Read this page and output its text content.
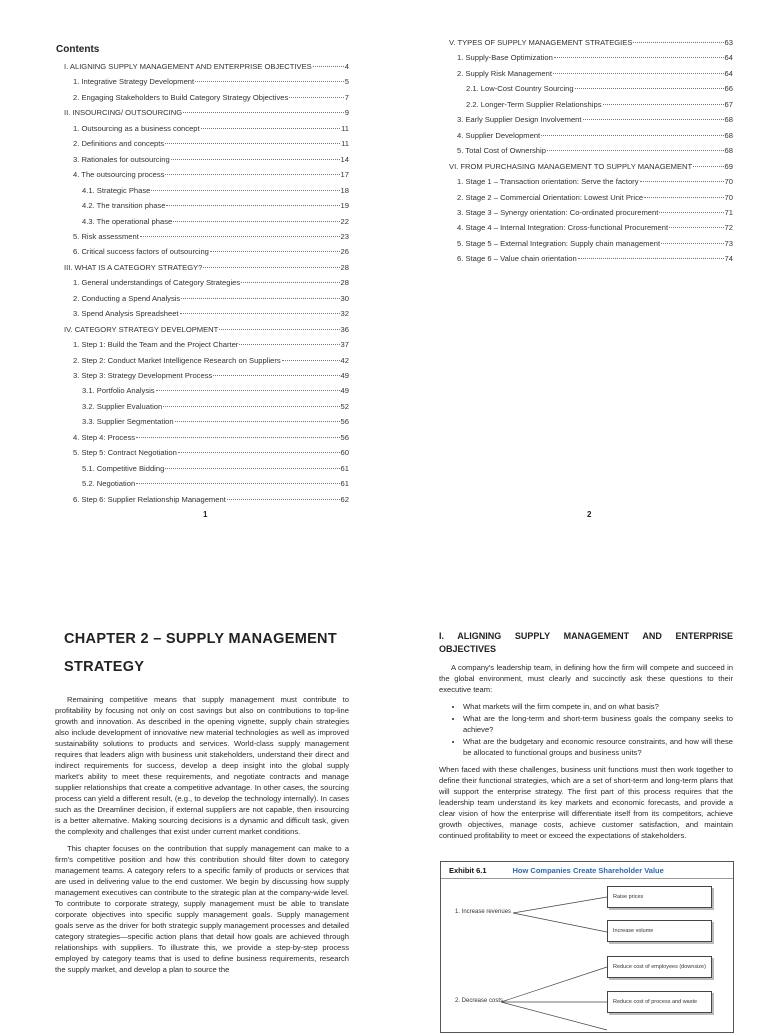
Contents
I. ALIGNING SUPPLY MANAGEMENT AND ENTERPRISE OBJECTIVES	4
1. Integrative Strategy Development	5
2. Engaging Stakeholders to Build Category Strategy Objectives	7
II. INSOURCING/ OUTSOURCING	9
1. Outsourcing as a business concept	11
2. Definitions and concepts	11
3. Rationales for outsourcing	14
4. The outsourcing process	17
4.1. Strategic Phase	18
4.2. The transition phase	19
4.3. The operational phase	22
5. Risk assessment	23
6. Critical success factors of outsourcing	26
III. WHAT IS A CATEGORY STRATEGY?	28
1. General understandings of Category Strategies	28
2. Conducting a Spend Analysis	30
3. Spend Analysis Spreadsheet	32
IV. CATEGORY STRATEGY DEVELOPMENT	36
1. Step 1: Build the Team and the Project Charter	37
2. Step 2: Conduct Market Intelligence Research on Suppliers	42
3. Step 3: Strategy Development Process	49
3.1. Portfolio Analysis	49
3.2. Supplier Evaluation	52
3.3. Supplier Segmentation	56
4. Step 4: Process	56
5. Step 5: Contract Negotiation	60
5.1. Competitive Bidding	61
5.2. Negotiation	61
6. Step 6: Supplier Relationship Management	62
1
V. TYPES OF SUPPLY MANAGEMENT STRATEGIES	63
1. Supply-Base Optimization	64
2. Supply Risk Management	64
2.1. Low-Cost Country Sourcing	66
2.2. Longer-Term Supplier Relationships	67
3. Early Supplier Design Involvement	68
4. Supplier Development	68
5. Total Cost of Ownership	68
VI. FROM PURCHASING MANAGEMENT TO SUPPLY MANAGEMENT	69
1. Stage 1 – Transaction orientation: Serve the factory	70
2. Stage 2 – Commercial Orientation: Lowest Unit Price	70
3. Stage 3 – Synergy orientation: Co-ordinated procurement	71
4. Stage 4 – Internal Integration: Cross-functional Procurement	72
5. Stage 5 – External Integration: Supply chain management	73
6. Stage 6 – Value chain orientation	74
2
CHAPTER 2 – SUPPLY MANAGEMENT
STRATEGY

Remaining competitive means that supply management must contribute to profitability by focusing not only on cost savings but also on contributions to top-line growth and innovation. As described in the opening vignette, supply chain strategies also include development of innovative new material technologies as well as improved sustainability solutions to products and services. World-class supply management requires that leaders align with business unit stakeholders, understand their direct and indirect requirements for success, develop a deep insight into the global supply market's ability to meet these requirements, and negotiate contracts and manage supplier relationships that create a competitive advantage. In other cases, the sourcing process can yield a different result, (e.g., to develop the technology internally). In cases such as the Dreamliner decision, if external suppliers are not capable, then insourcing is a better alternative. Making sourcing decisions is a dynamic and difficult task, given the complexity and challenges that exist under current market conditions.

This chapter focuses on the contribution that supply management can make to a firm's competitive position and how this contribution should filter down to category management teams. A category refers to a specific family of products or services that are used in delivering value to the end customer. We begin by discussing how supply management executives can contribute to the strategic plan at the company-wide level. To contribute to corporate strategy, supply management must be able to translate corporate objectives into specific supply management goals. Supply management goals serve as the driver for both strategic supply management processes and detailed category strategies—specific action plans that detail how goals are achieved through relationships with suppliers. To illustrate this, we provide a step-by-step process employed by category teams that is used to define business requirements, research the supply market, and develop a plan to source the

I. ALIGNING SUPPLY MANAGEMENT AND ENTERPRISE OBJECTIVES

A company's leadership team, in defining how the firm will compete and succeed in the global environment, must clearly and succinctly ask these questions to their executive team:

• What markets will the firm compete in, and on what basis?
• What are the long-term and short-term business goals the company seeks to achieve?
• What are the budgetary and economic resource constraints, and how will these be allocated to functional groups and business units?

When faced with these challenges, business unit functions must then work together to define their functional strategies, which are a set of short-term and long-term plans that will support the enterprise strategy. The first part of this process requires that the leadership team understand its key markets and economic forecasts, and provide a clear vision of how the enterprise will differentiate itself from its competitors, achieve growth objectives, manage costs, achieve customer satisfaction, and maintain continued profitability to meet or exceed the expectations of stakeholders.

Exhibit 6.1	How Companies Create Shareholder Value
1. Increase revenues
2. Decrease costs
Raise prices
Increase volume
Reduce cost of employees (downsize)
Reduce cost of process and waste
